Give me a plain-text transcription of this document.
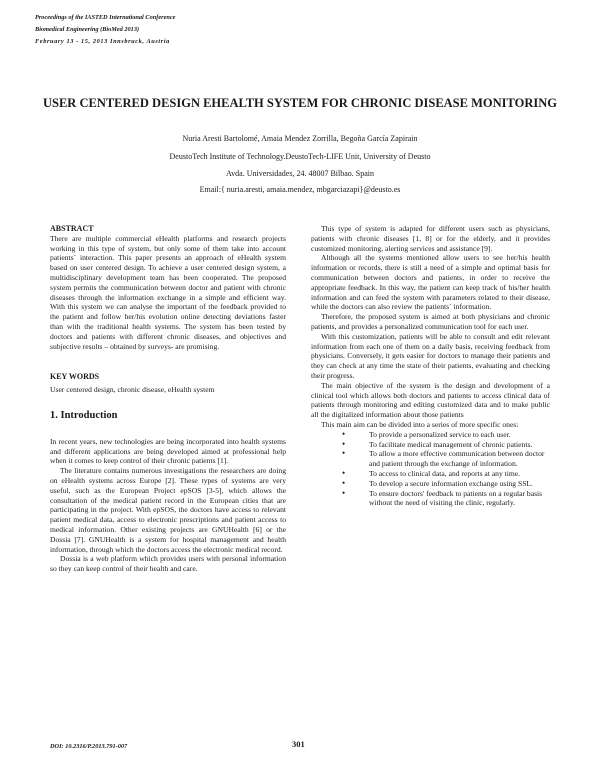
Proceedings of the IASTED International Conference
Biomedical Engineering (BioMed 2013)
February 13 - 15, 2013 Innsbruck, Austria
USER CENTERED DESIGN EHEALTH SYSTEM FOR CHRONIC DISEASE MONITORING
Nuria Aresti Bartolomé, Amaia Mendez Zorrilla, Begoña García Zapirain
DeustoTech Institute of Technology.DeustoTech-LIFE Unit, University of Deusto
Avda. Universidades, 24. 48007 Bilbao. Spain
Email:{ nuria.aresti, amaia.mendez, mbgarciazapi}@deusto.es
ABSTRACT

There are multiple commercial eHealth platforms and research projects working in this type of system, but only some of them take into account patients´ interaction. This paper presents an approach of eHealth system based on user centered design. To achieve a user centered design system, a multidisciplinary development team has been cooperated. The proposed system permits the communication between doctor and patient with chronic diseases through the information exchange in a simple and efficient way. With this system we can analyse the important of the feedback provided to the patient and follow her/his evolution online detecting deviations faster than with the traditional health systems. The system has been tested by doctors and patients with different chronic diseases, and objectives and subjective results – obtained by surveys- are promising.

KEY WORDS

User centered design, chronic disease, eHealth system

1. Introduction

In recent years, new technologies are being incorporated into health systems and different applications are being developed aimed at professional help when it comes to keep control of their chronic patients [1].

The literature contains numerous investigations the researchers are doing on eHealth systems across Europe [2]. These types of systems are very useful, such as the European Project epSOS [3-5], which allows the consultation of the medical patient record in the European cities that are participating in the project. With epSOS, the doctors have access to relevant patient medical data, access to electronic prescriptions and patient access to medical information. Other existing projects are GNUHealth [6] or the Dossia [7]. GNUHealth is a system for hospital management and health information, through which the doctors access the electronic medical record.

Dossia is a web platform which provides users with personal information so they can keep control of their health and care.

This type of system is adapted for different users such as physicians, patients with chronic diseases [1, 8] or for the elderly, and it provides customized monitoring, alerting services and assistance [9].

Although all the systems mentioned allow users to see her/his health information or records, there is still a need of a simple and optimal basis for communication between doctors and patients, in order to receive the appropriate feedback. In this way, the patient can keep track of his/her health information and can feed the system with parameters related to their disease, while the doctors can also review the patients´ information.

Therefore, the proposed system is aimed at both physicians and chronic patients, and provides a personalized communication tool for each user.

With this customization, patients will be able to consult and edit relevant information from each one of them on a daily basis, receiving feedback from physicians. Conversely, it gets easier for doctors to manage their patients and they can check at any time the state of their patients, evaluating and checking their progress.

The main objective of the system is the design and development of a clinical tool which allows both doctors and patients to access clinical data of patients through monitoring and editing customized data and to make public all the digitalized information about those patients

This main aim can be divided into a series of more specific ones:

• To provide a personalized service to each user.
• To facilitate medical management of chronic patients.
• To allow a more effective communication between doctor and patient through the exchange of information.
• To access to clinical data, and reports at any time.
• To develop a secure information exchange using SSL.
• To ensure doctors' feedback to patients on a regular basis without the need of visiting the clinic, regularly.
DOI: 10.2316/P.2013.791-007	301
